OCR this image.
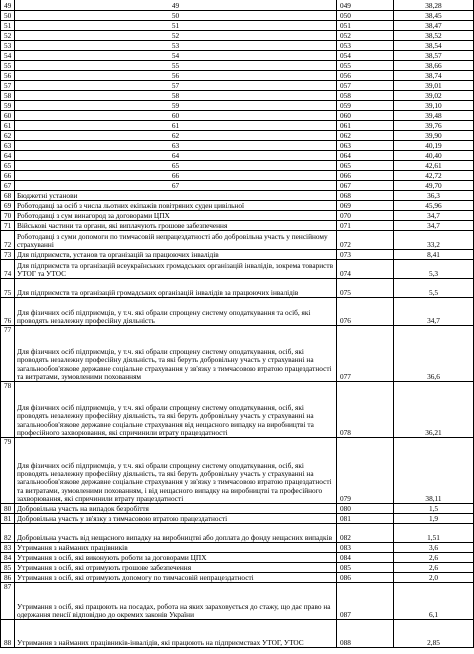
49	49	049	38,28
50	50	050	38,45
51	51	051	38,47
52	52	052	38,52
53	53	053	38,54
54	54	054	38,57
55	55	055	38,66
56	56	056	38,74
57	57	057	39,01
58	58	058	39,02
59	59	059	39,10
60	60	060	39,48
61	61	061	39,76
62	62	062	39,90
63	63	063	40,19
64	64	064	40,40
65	65	065	42,61
66	66	066	42,72
67	67	067	49,70
68	Бюджетні установи	068	36,3
69	Роботодавці за осіб з числа льотних екіпажів повітряних суден цивільної	069	45,96
70	Роботодавці з сум винагород за договорами ЦПХ	070	34,7
71	Військові частини та органи, які виплачують грошове забезпечення	071	34,7
72	Роботодавці з суми допомоги по тимчасовій непрацездатності або добровільна участь у пенсійному страхуванні	072	33,2
73	Для підприємств, установ та організацій за працюючих інвалідів	073	8,41
74	Для підприємств та організацій всеукраїнських громадських організацій інвалідів, зокрема товариств УТОГ та УТОС	074	5,3
75	Для підприємств та організацій громадських організацій інвалідів за працюючих інвалідів	075	5,5
76	Для фізичних осіб підприємців, у т.ч. які обрали спрощену систему оподаткування та осіб, які проводять незалежну професійну діяльність	076	34,7
77	Для фізичних осіб підприємців, у т.ч. які обрали спрощену систему оподаткування, осіб, які проводять незалежну професійну діяльність, та які беруть добровільну участь у страхуванні на загальнообов'язкове державне соціальне страхування у зв'язку з тимчасовою втратою працездатності та витратами, зумовленими похованням	077	36,6
78	Для фізичних осіб підприємців, у т.ч. які обрали спрощену систему оподаткування, осіб, які проводять незалежну професійну діяльність, та які беруть добровільну участь у страхуванні на загальнообов'язкове державне соціальне страхування від нещасного випадку на виробництві та професійного захворювання, які спричинили втрату працездатності	078	36,21
79	Для фізичних осіб підприємців, у т.ч. які обрали спрощену систему оподаткування, осіб, які проводять незалежну професійну діяльність, та які беруть добровільну участь у страхуванні на загальнообов'язкове державне соціальне страхування у зв'язку з тимчасовою втратою працездатності та витратами, зумовленими похованням, і від нещасного випадку на виробництві та професійного захворювання, які спричинили втрату працездатності	079	38,11
80	Добровільна участь на випадок безробіття	080	1,5
81	Добровільна участь у зв'язку з тимчасовою втратою працездатності	081	1,9
82	Добровільна участь від нещасного випадку на виробництві або доплата до фонду нещасних випадків	082	1,51
83	Утримання з найманих працівників	083	3,6
84	Утримання з осіб, які виконують роботи за договорами ЦПХ	084	2,6
85	Утримання з осіб, які отримують грошове забезпечення	085	2,6
86	Утримання з осіб, які отримують допомогу по тимчасовій непрацездатності	086	2,0
87	Утримання з осіб, які працюють на посадах, робота на яких зараховується до стажу, що дає право на одержання пенсії відповідно до окремих законів України	087	6,1
88	Утримання з найманих працівників-інвалідів, які працюють на підприємствах УТОГ, УТОС	088	2,85
